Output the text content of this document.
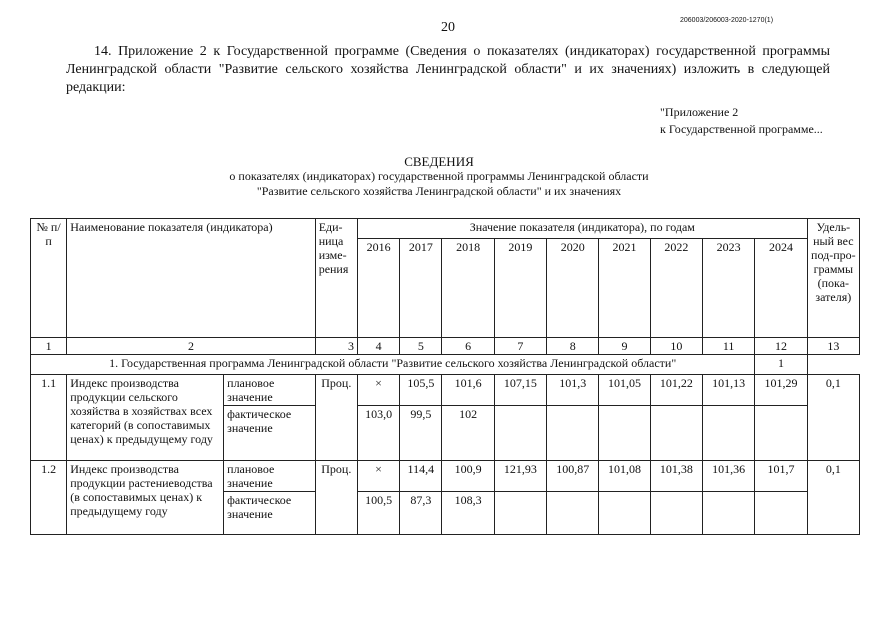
20	206003/206003-2020-1270(1)
14. Приложение 2 к Государственной программе (Сведения о показателях (индикаторах) государственной программы Ленинградской области "Развитие сельского хозяйства Ленинградской области" и их значениях) изложить в следующей редакции:
"Приложение 2
к Государственной программе...
СВЕДЕНИЯ
о показателях (индикаторах) государственной программы Ленинградской области
"Развитие сельского хозяйства Ленинградской области" и их значениях
№ п/п	Наименование показателя (индикатора)		Еди-ница изме-рения	Значение показателя (индикатора), по годам									Удель-ный вес под-про-граммы (пока-зателя)
				2016	2017	2018	2019	2020	2021	2022	2023	2024	
1	2		3	4	5	6	7	8	9	10	11	12	13
1. Государственная программа Ленинградской области "Развитие сельского хозяйства Ленинградской области"												1	
1.1	Индекс производства продукции сельского хозяйства в хозяйствах всех категорий (в сопоставимых ценах) к предыдущему году	плановое значение	Проц.	×	105,5	101,6	107,15	101,3	101,05	101,22	101,13	101,29	0,1
		фактическое значение		103,0	99,5	102							
1.2	Индекс производства продукции растениеводства (в сопоставимых ценах) к предыдущему году	плановое значение	Проц.	×	114,4	100,9	121,93	100,87	101,08	101,38	101,36	101,7	0,1
		фактическое значение		100,5	87,3	108,3							
